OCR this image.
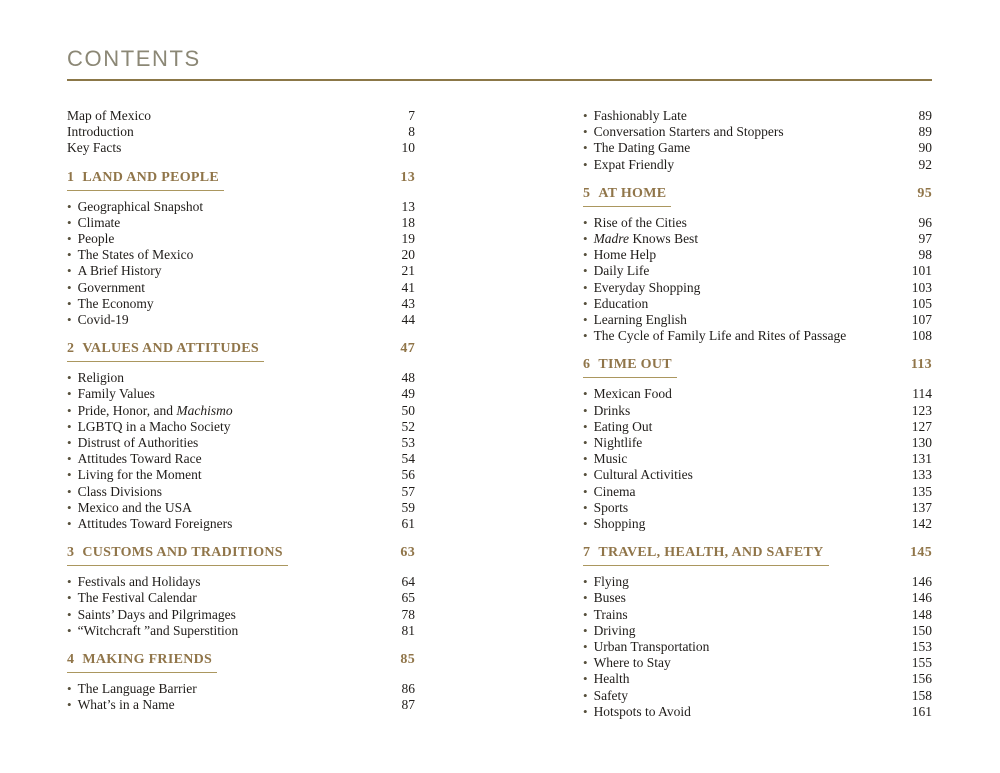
CONTENTS
Map of Mexico	7
Introduction	8
Key Facts	10
1 LAND AND PEOPLE	13
• Geographical Snapshot	13
• Climate	18
• People	19
• The States of Mexico	20
• A Brief History	21
• Government	41
• The Economy	43
• Covid-19	44
2 VALUES AND ATTITUDES	47
• Religion	48
• Family Values	49
• Pride, Honor, and Machismo	50
• LGBTQ in a Macho Society	52
• Distrust of Authorities	53
• Attitudes Toward Race	54
• Living for the Moment	56
• Class Divisions	57
• Mexico and the USA	59
• Attitudes Toward Foreigners	61
3 CUSTOMS AND TRADITIONS	63
• Festivals and Holidays	64
• The Festival Calendar	65
• Saints’ Days and Pilgrimages	78
• “Witchcraft ”and Superstition	81
4 MAKING FRIENDS	85
• The Language Barrier	86
• What’s in a Name	87
• Fashionably Late	89
• Conversation Starters and Stoppers	89
• The Dating Game	90
• Expat Friendly	92
5 AT HOME	95
• Rise of the Cities	96
• Madre Knows Best	97
• Home Help	98
• Daily Life	101
• Everyday Shopping	103
• Education	105
• Learning English	107
• The Cycle of Family Life and Rites of Passage	108
6 TIME OUT	113
• Mexican Food	114
• Drinks	123
• Eating Out	127
• Nightlife	130
• Music	131
• Cultural Activities	133
• Cinema	135
• Sports	137
• Shopping	142
7 TRAVEL, HEALTH, AND SAFETY	145
• Flying	146
• Buses	146
• Trains	148
• Driving	150
• Urban Transportation	153
• Where to Stay	155
• Health	156
• Safety	158
• Hotspots to Avoid	161
